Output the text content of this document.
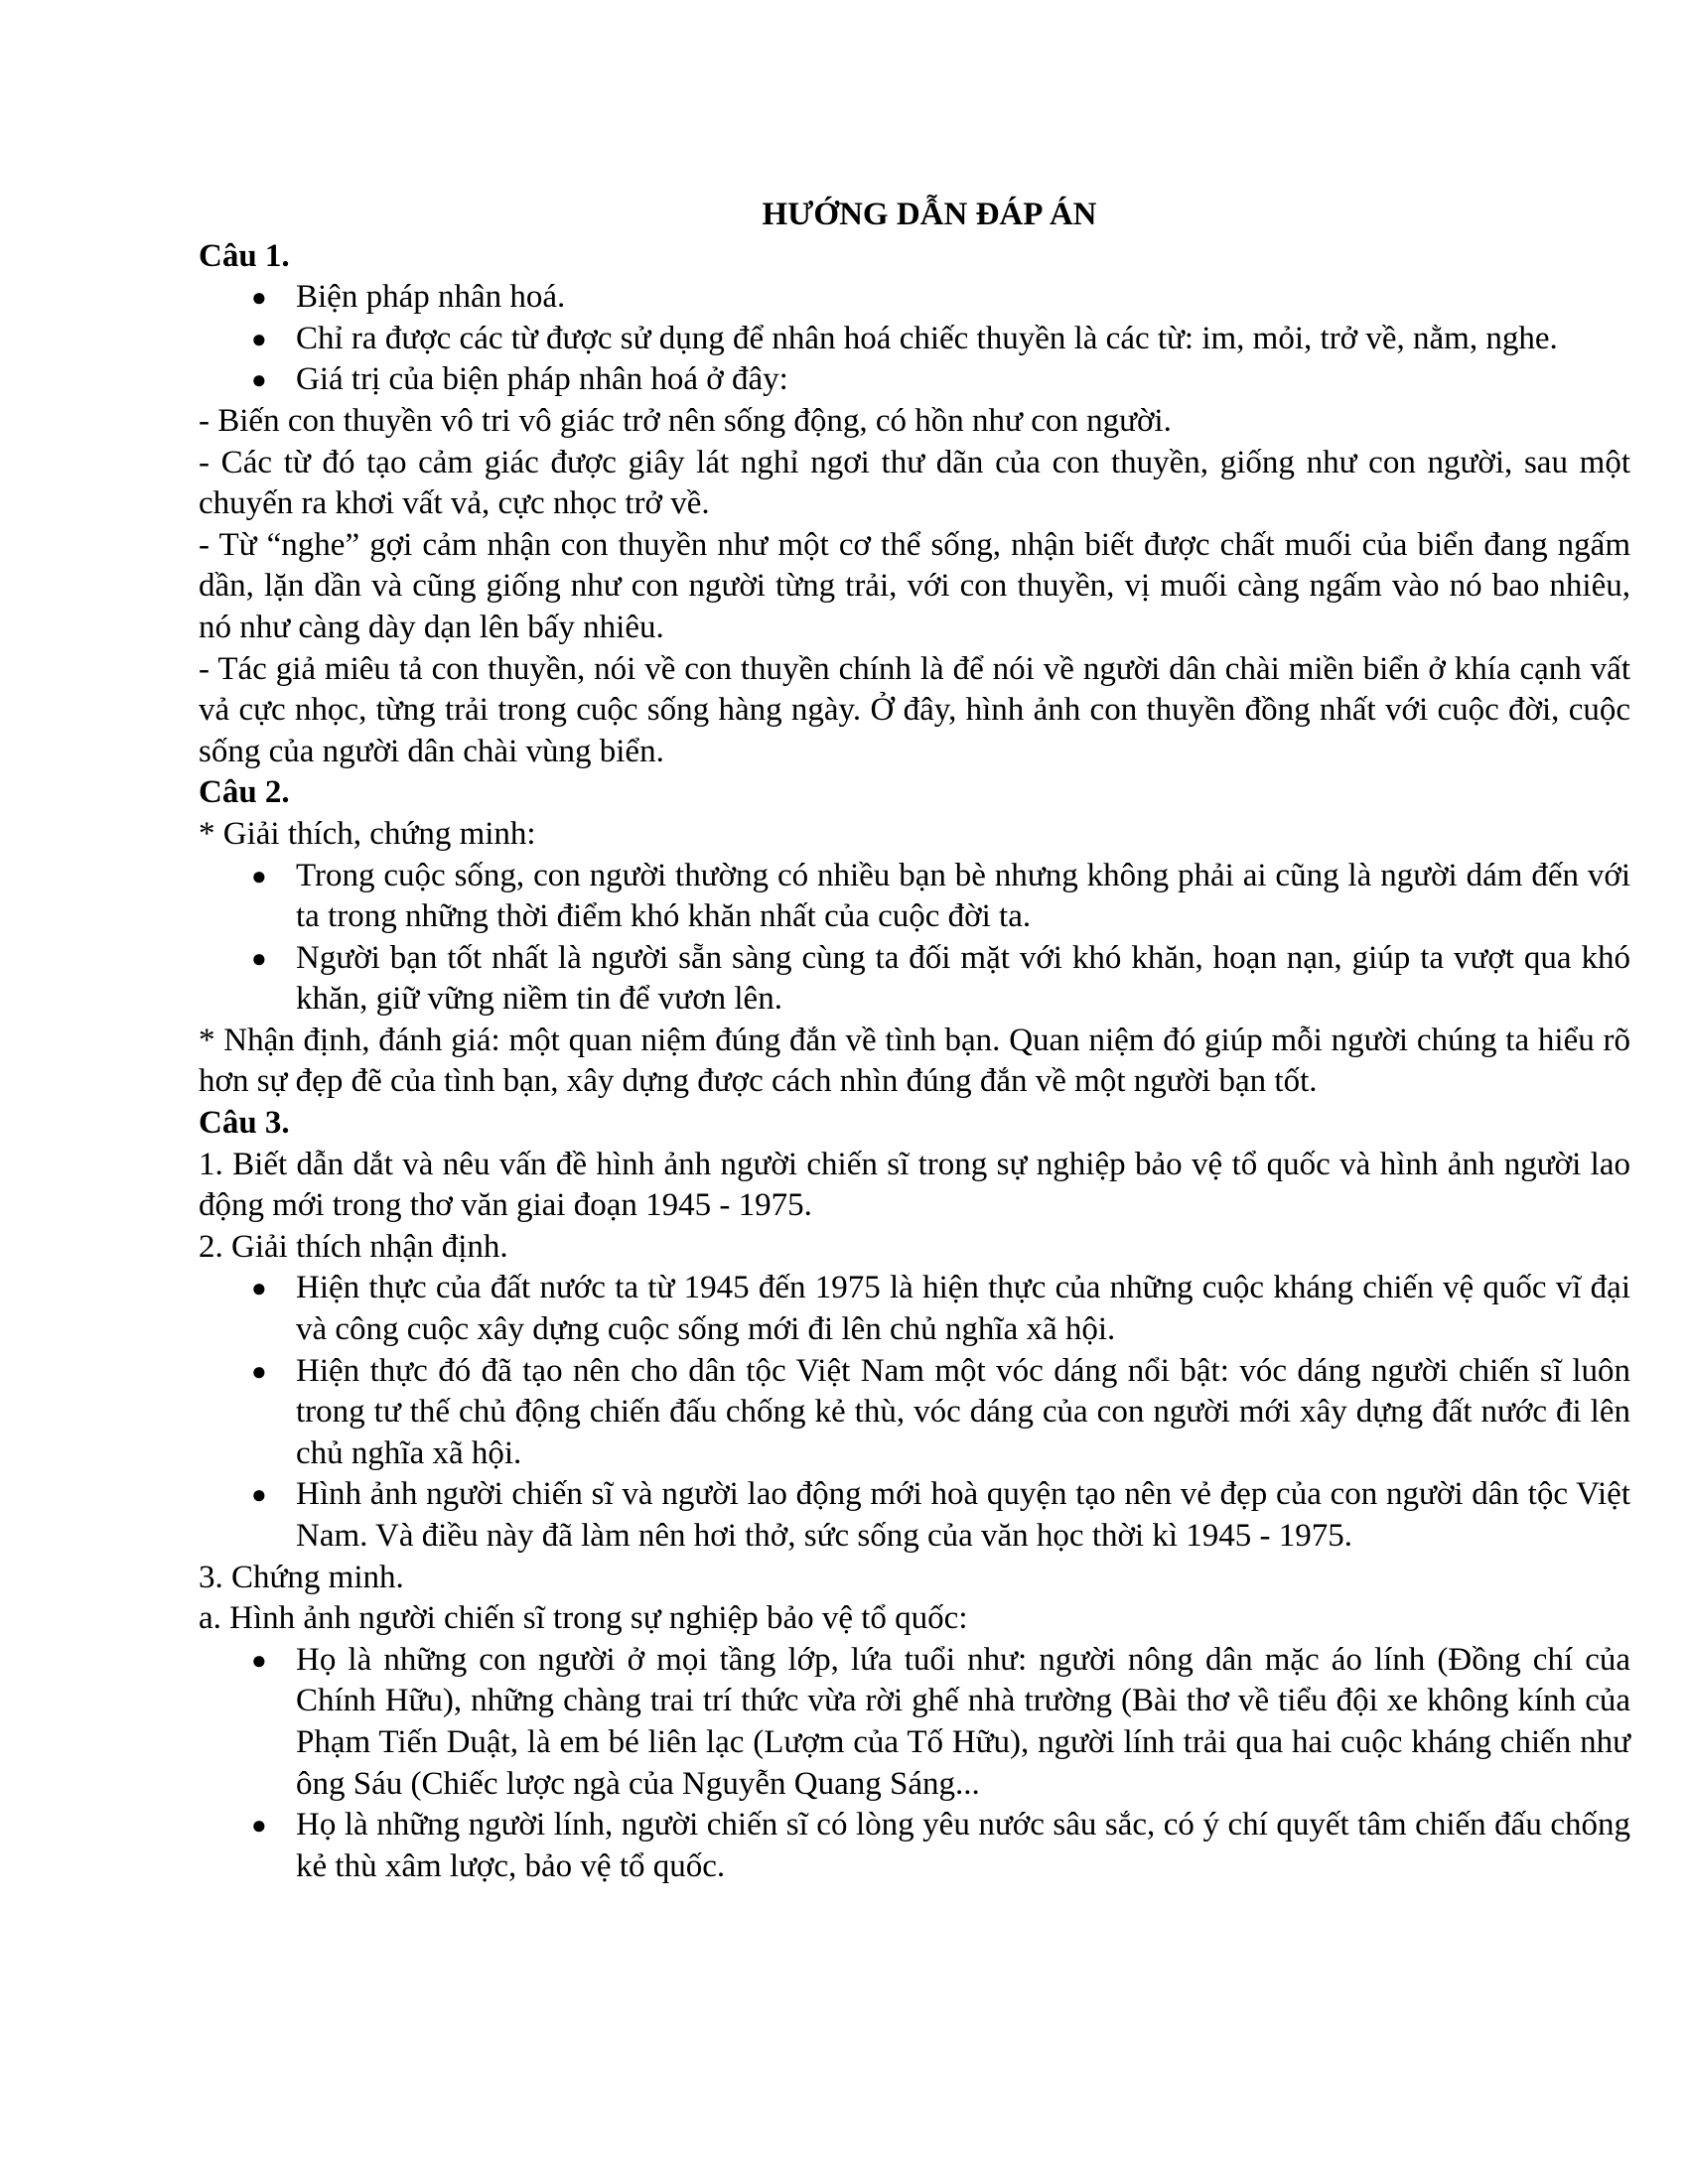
HƯỚNG DẪN ĐÁP ÁN

Câu 1.

● Biện pháp nhân hoá.
● Chỉ ra được các từ được sử dụng để nhân hoá chiếc thuyền là các từ: im, mỏi, trở về, nằm, nghe.
● Giá trị của biện pháp nhân hoá ở đây:

- Biến con thuyền vô tri vô giác trở nên sống động, có hồn như con người.

- Các từ đó tạo cảm giác được giây lát nghỉ ngơi thư dãn của con thuyền, giống như con người, sau một chuyến ra khơi vất vả, cực nhọc trở về.

- Từ “nghe” gợi cảm nhận con thuyền như một cơ thể sống, nhận biết được chất muối của biển đang ngấm dần, lặn dần và cũng giống như con người từng trải, với con thuyền, vị muối càng ngấm vào nó bao nhiêu, nó như càng dày dạn lên bấy nhiêu.

- Tác giả miêu tả con thuyền, nói về con thuyền chính là để nói về người dân chài miền biển ở khía cạnh vất vả cực nhọc, từng trải trong cuộc sống hàng ngày. Ở đây, hình ảnh con thuyền đồng nhất với cuộc đời, cuộc sống của người dân chài vùng biển.

Câu 2.

* Giải thích, chứng minh:

● Trong cuộc sống, con người thường có nhiều bạn bè nhưng không phải ai cũng là người dám đến với ta trong những thời điểm khó khăn nhất của cuộc đời ta.
● Người bạn tốt nhất là người sẵn sàng cùng ta đối mặt với khó khăn, hoạn nạn, giúp ta vượt qua khó khăn, giữ vững niềm tin để vươn lên.

* Nhận định, đánh giá: một quan niệm đúng đắn về tình bạn. Quan niệm đó giúp mỗi người chúng ta hiểu rõ hơn sự đẹp đẽ của tình bạn, xây dựng được cách nhìn đúng đắn về một người bạn tốt.

Câu 3.

1. Biết dẫn dắt và nêu vấn đề hình ảnh người chiến sĩ trong sự nghiệp bảo vệ tổ quốc và hình ảnh người lao động mới trong thơ văn giai đoạn 1945 - 1975.

2. Giải thích nhận định.

● Hiện thực của đất nước ta từ 1945 đến 1975 là hiện thực của những cuộc kháng chiến vệ quốc vĩ đại và công cuộc xây dựng cuộc sống mới đi lên chủ nghĩa xã hội.
● Hiện thực đó đã tạo nên cho dân tộc Việt Nam một vóc dáng nổi bật: vóc dáng người chiến sĩ luôn trong tư thế chủ động chiến đấu chống kẻ thù, vóc dáng của con người mới xây dựng đất nước đi lên chủ nghĩa xã hội.
● Hình ảnh người chiến sĩ và người lao động mới hoà quyện tạo nên vẻ đẹp của con người dân tộc Việt Nam. Và điều này đã làm nên hơi thở, sức sống của văn học thời kì 1945 - 1975.

3. Chứng minh.

a. Hình ảnh người chiến sĩ trong sự nghiệp bảo vệ tổ quốc:

● Họ là những con người ở mọi tầng lớp, lứa tuổi như: người nông dân mặc áo lính (Đồng chí của Chính Hữu), những chàng trai trí thức vừa rời ghế nhà trường (Bài thơ về tiểu đội xe không kính của Phạm Tiến Duật, là em bé liên lạc (Lượm của Tố Hữu), người lính trải qua hai cuộc kháng chiến như ông Sáu (Chiếc lược ngà của Nguyễn Quang Sáng...
● Họ là những người lính, người chiến sĩ có lòng yêu nước sâu sắc, có ý chí quyết tâm chiến đấu chống kẻ thù xâm lược, bảo vệ tổ quốc.
